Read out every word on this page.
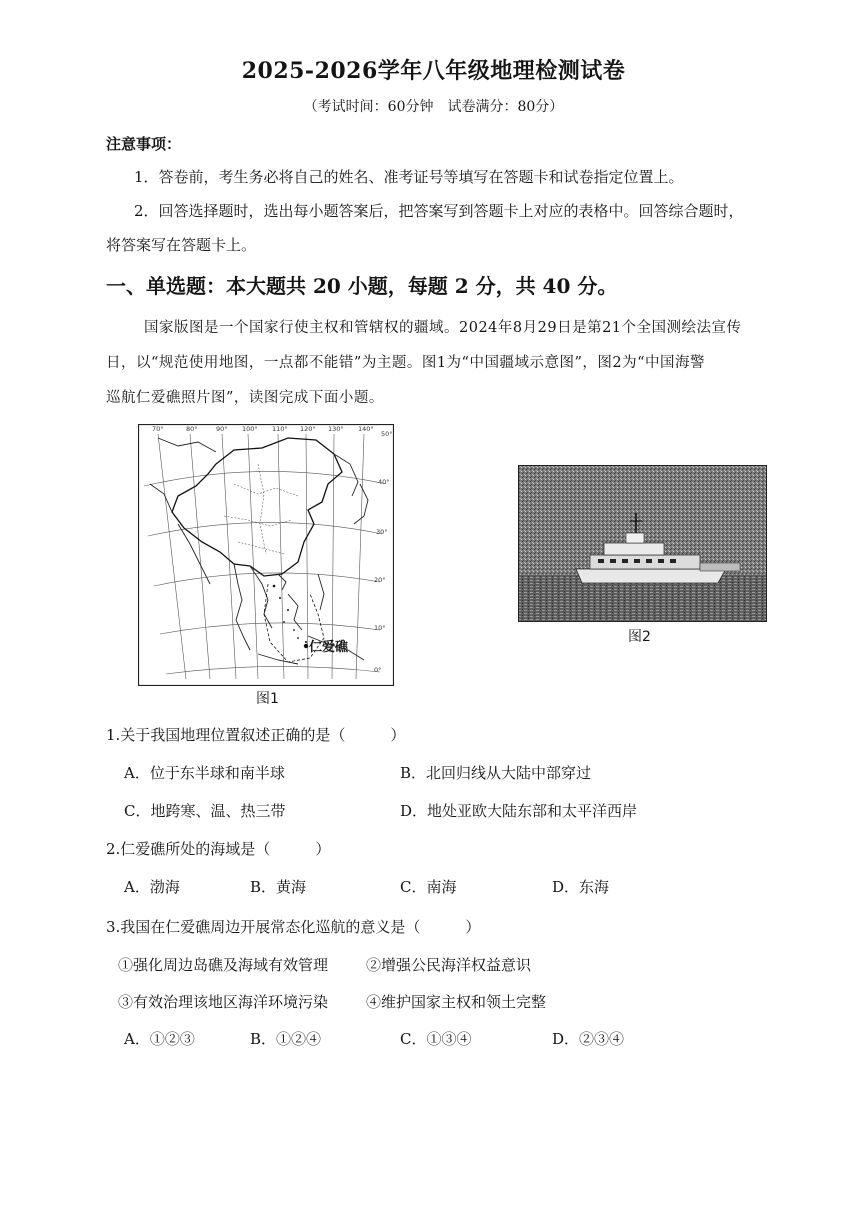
2025-2026学年八年级地理检测试卷
（考试时间：60分钟　试卷满分：80分）
注意事项：
1．答卷前，考生务必将自己的姓名、准考证号等填写在答题卡和试卷指定位置上。
2．回答选择题时，选出每小题答案后，把答案写到答题卡上对应的表格中。回答综合题时，
将答案写在答题卡上。
一、单选题：本大题共 20 小题，每题 2 分，共 40 分。
国家版图是一个国家行使主权和管辖权的疆域。2024年8月29日是第21个全国测绘法宣传
日，以“规范使用地图，一点都不能错”为主题。图1为“中国疆域示意图”，图2为“中国海警
巡航仁爱礁照片图”，读图完成下面小题。
70°	80°	90° 100° 110° 120° 130° 140°
50°
40°
30°
20°
10°
0°
仁爱礁
图1
图2
1.关于我国地理位置叙述正确的是（　　　）
A．位于东半球和南半球	B．北回归线从大陆中部穿过
C．地跨寒、温、热三带	D．地处亚欧大陆东部和太平洋西岸
2.仁爱礁所处的海域是（　　　）
A．渤海	B．黄海	C．南海	D．东海
3.我国在仁爱礁周边开展常态化巡航的意义是（　　　）
①强化周边岛礁及海域有效管理	②增强公民海洋权益意识
③有效治理该地区海洋环境污染	④维护国家主权和领土完整
A．①②③	B．①②④	C．①③④	D．②③④
